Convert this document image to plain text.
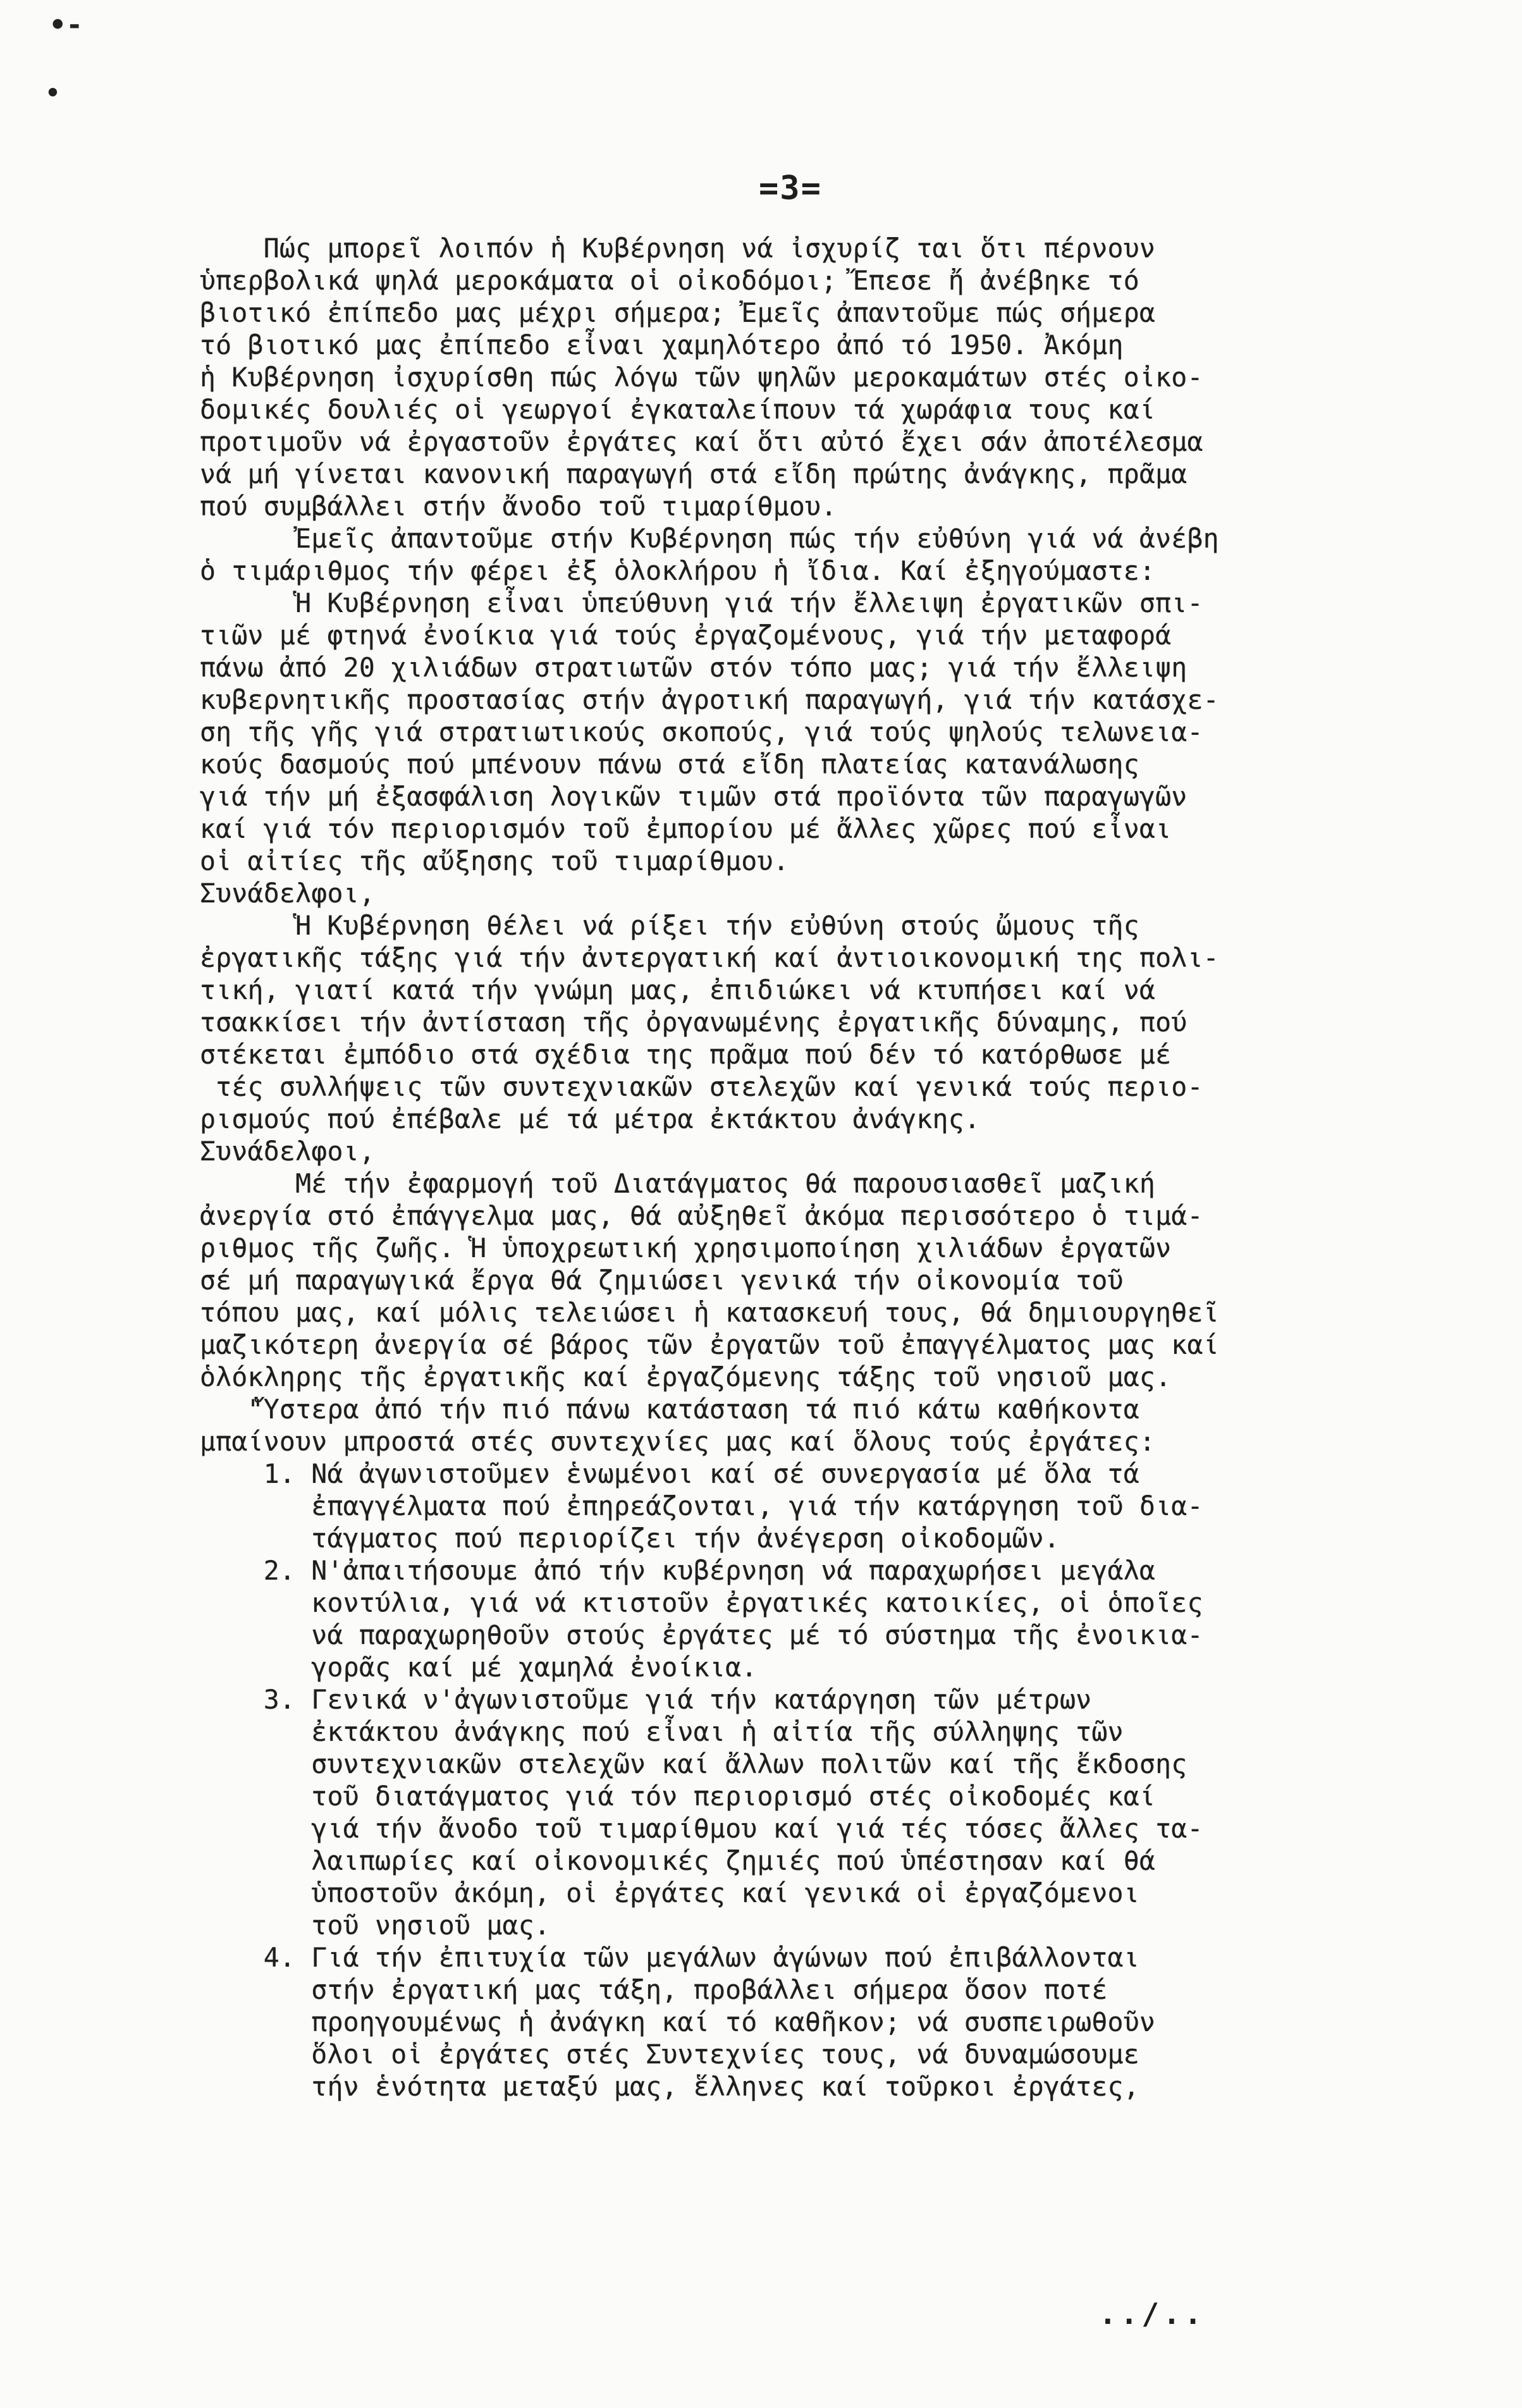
•-
•
=3=
Πώς μπορεῖ λοιπόν ἡ Κυβέρνηση νά ἰσχυρίζ ται ὅτι πέρνουν
ὑπερβολικά ψηλά μεροκάματα οἱ οἰκοδόμοι; Ἔπεσε ἤ ἀνέβηκε τό
βιοτικό ἐπίπεδο μας μέχρι σήμερα; Ἐμεῖς ἀπαντοῦμε πώς σήμερα
τό βιοτικό μας ἐπίπεδο εἶναι χαμηλότερο ἀπό τό 1950. Ἀκόμη
ἡ Κυβέρνηση ἰσχυρίσθη πώς λόγω τῶν ψηλῶν μεροκαμάτων στές οἰκο-
δομικές δουλιές οἱ γεωργοί ἐγκαταλείπουν τά χωράφια τους καί
προτιμοῦν νά ἐργαστοῦν ἐργάτες καί ὅτι αὐτό ἔχει σάν ἀποτέλεσμα
νά μή γίνεται κανονική παραγωγή στά εἴδη πρώτης ἀνάγκης, πρᾶμα
πού συμβάλλει στήν ἄνοδο τοῦ τιμαρίθμου.
Ἐμεῖς ἀπαντοῦμε στήν Κυβέρνηση πώς τήν εὐθύνη γιά νά ἀνέβη
ὁ τιμάριθμος τήν φέρει ἐξ ὁλοκλήρου ἡ ἴδια. Καί ἐξηγούμαστε:
Ἡ Κυβέρνηση εἶναι ὑπεύθυνη γιά τήν ἔλλειψη ἐργατικῶν σπι-
τιῶν μέ φτηνά ἐνοίκια γιά τούς ἐργαζομένους, γιά τήν μεταφορά
πάνω ἀπό 20 χιλιάδων στρατιωτῶν στόν τόπο μας; γιά τήν ἔλλειψη
κυβερνητικῆς προστασίας στήν ἀγροτική παραγωγή, γιά τήν κατάσχε-
ση τῆς γῆς γιά στρατιωτικούς σκοπούς, γιά τούς ψηλούς τελωνεια-
κούς δασμούς πού μπένουν πάνω στά εἴδη πλατείας κατανάλωσης
γιά τήν μή ἐξασφάλιση λογικῶν τιμῶν στά προϊόντα τῶν παραγωγῶν
καί γιά τόν περιορισμόν τοῦ ἐμπορίου μέ ἄλλες χῶρες πού εἶναι
οἱ αἰτίες τῆς αὔξησης τοῦ τιμαρίθμου.
Συνάδελφοι,
Ἡ Κυβέρνηση θέλει νά ρίξει τήν εὐθύνη στούς ὤμους τῆς
ἐργατικῆς τάξης γιά τήν ἀντεργατική καί ἀντιοικονομική της πολι-
τική, γιατί κατά τήν γνώμη μας, ἐπιδιώκει νά κτυπήσει καί νά
τσακκίσει τήν ἀντίσταση τῆς ὀργανωμένης ἐργατικῆς δύναμης, πού
στέκεται ἐμπόδιο στά σχέδια της πρᾶμα πού δέν τό κατόρθωσε μέ
τές συλλήψεις τῶν συντεχνιακῶν στελεχῶν καί γενικά τούς περιο-
ρισμούς πού ἐπέβαλε μέ τά μέτρα ἐκτάκτου ἀνάγκης.
Συνάδελφοι,
Μέ τήν ἐφαρμογή τοῦ Διατάγματος θά παρουσιασθεῖ μαζική
ἀνεργία στό ἐπάγγελμα μας, θά αὐξηθεῖ ἀκόμα περισσότερο ὁ τιμά-
ριθμος τῆς ζωῆς. Ἡ ὑποχρεωτική χρησιμοποίηση χιλιάδων ἐργατῶν
σέ μή παραγωγικά ἔργα θά ζημιώσει γενικά τήν οἰκονομία τοῦ
τόπου μας, καί μόλις τελειώσει ἡ κατασκευή τους, θά δημιουργηθεῖ
μαζικότερη ἀνεργία σέ βάρος τῶν ἐργατῶν τοῦ ἐπαγγέλματος μας καί
ὁλόκληρης τῆς ἐργατικῆς καί ἐργαζόμενης τάξης τοῦ νησιοῦ μας.
"Ὕστερα ἀπό τήν πιό πάνω κατάσταση τά πιό κάτω καθήκοντα
μπαίνουν μπροστά στές συντεχνίες μας καί ὅλους τούς ἐργάτες:
1. Νά ἀγωνιστοῦμεν ἑνωμένοι καί σέ συνεργασία μέ ὅλα τά
ἐπαγγέλματα πού ἐπηρεάζονται, γιά τήν κατάργηση τοῦ δια-
τάγματος πού περιορίζει τήν ἀνέγερση οἰκοδομῶν.
2. Ν'ἀπαιτήσουμε ἀπό τήν κυβέρνηση νά παραχωρήσει μεγάλα
κοντύλια, γιά νά κτιστοῦν ἐργατικές κατοικίες, οἱ ὁποῖες
νά παραχωρηθοῦν στούς ἐργάτες μέ τό σύστημα τῆς ἐνοικια-
γορᾶς καί μέ χαμηλά ἐνοίκια.
3. Γενικά ν'ἀγωνιστοῦμε γιά τήν κατάργηση τῶν μέτρων
ἐκτάκτου ἀνάγκης πού εἶναι ἡ αἰτία τῆς σύλληψης τῶν
συντεχνιακῶν στελεχῶν καί ἄλλων πολιτῶν καί τῆς ἔκδοσης
τοῦ διατάγματος γιά τόν περιορισμό στές οἰκοδομές καί
γιά τήν ἄνοδο τοῦ τιμαρίθμου καί γιά τές τόσες ἄλλες τα-
λαιπωρίες καί οἰκονομικές ζημιές πού ὑπέστησαν καί θά
ὑποστοῦν ἀκόμη, οἱ ἐργάτες καί γενικά οἱ ἐργαζόμενοι
τοῦ νησιοῦ μας.
4. Γιά τήν ἐπιτυχία τῶν μεγάλων ἀγώνων πού ἐπιβάλλονται
στήν ἐργατική μας τάξη, προβάλλει σήμερα ὅσον ποτέ
προηγουμένως ἡ ἀνάγκη καί τό καθῆκον; νά συσπειρωθοῦν
ὅλοι οἱ ἐργάτες στές Συντεχνίες τους, νά δυναμώσουμε
τήν ἑνότητα μεταξύ μας, ἕλληνες καί τοῦρκοι ἐργάτες,
../..
